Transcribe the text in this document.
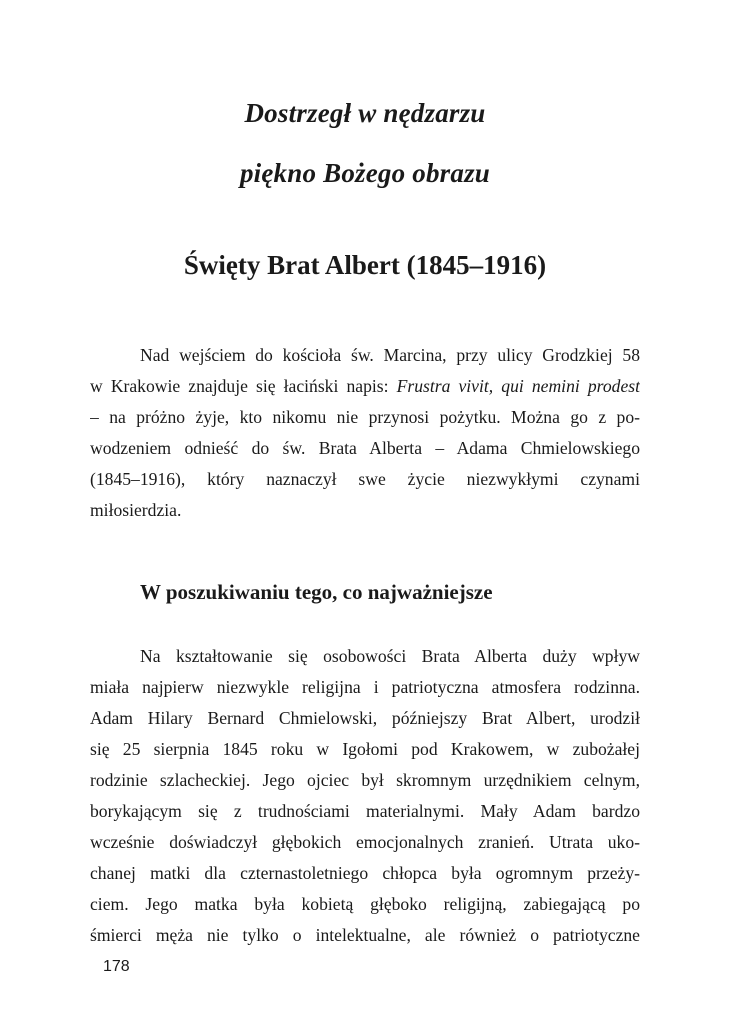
Dostrzegł w nędzarzu
piękno Bożego obrazu
Święty Brat Albert (1845–1916)
Nad wejściem do kościoła św. Marcina, przy ulicy Grodzkiej 58
w Krakowie znajduje się łaciński napis: Frustra vivit, qui nemini prodest
– na próżno żyje, kto nikomu nie przynosi pożytku. Można go z po-
wodzeniem odnieść do św. Brata Alberta – Adama Chmielowskiego
(1845–1916), który naznaczył swe życie niezwykłymi czynami
miłosierdzia.
W poszukiwaniu tego, co najważniejsze
Na kształtowanie się osobowości Brata Alberta duży wpływ
miała najpierw niezwykle religijna i patriotyczna atmosfera rodzinna.
Adam Hilary Bernard Chmielowski, późniejszy Brat Albert, urodził
się 25 sierpnia 1845 roku w Igołomi pod Krakowem, w zubożałej
rodzinie szlacheckiej. Jego ojciec był skromnym urzędnikiem celnym,
borykającym się z trudnościami materialnymi. Mały Adam bardzo
wcześnie doświadczył głębokich emocjonalnych zranień. Utrata uko-
chanej matki dla czternastoletniego chłopca była ogromnym przeży-
ciem. Jego matka była kobietą głęboko religijną, zabiegającą po
śmierci męża nie tylko o intelektualne, ale również o patriotyczne
178
